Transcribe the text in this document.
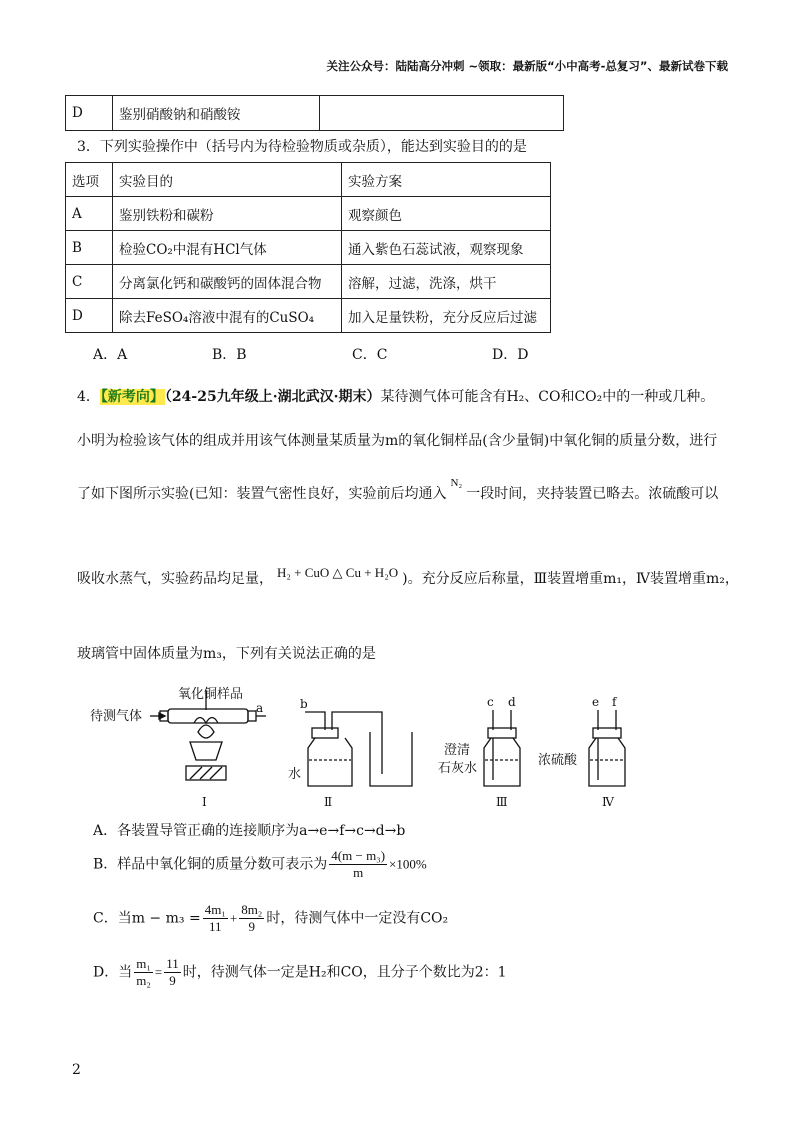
关注公众号：陆陆高分冲刺 ~领取：最新版“小中高考-总复习”、最新试卷下载
D	鉴别硝酸钠和硝酸铵	
3．下列实验操作中（括号内为待检验物质或杂质），能达到实验目的的是
选项	实验目的	实验方案
A	鉴别铁粉和碳粉	观察颜色
B	检验CO₂中混有HCl气体	通入紫色石蕊试液，观察现象
C	分离氯化钙和碳酸钙的固体混合物	溶解，过滤，洗涤，烘干
D	除去FeSO₄溶液中混有的CuSO₄	加入足量铁粉，充分反应后过滤
A．A	B．B	C．C	D．D
4．【新考向】（24-25九年级上·湖北武汉·期末）某待测气体可能含有H₂、CO和CO₂中的一种或几种。
小明为检验该气体的组成并用该气体测量某质量为m的氧化铜样品(含少量铜)中氧化铜的质量分数，进行
了如下图所示实验(已知：装置气密性良好，实验前后均通入$^{N_2}$一段时间，夹持装置已略去。浓硫酸可以
吸收水蒸气，实验药品均足量， H₂ + CuO △ Cu + H₂O )。充分反应后称量，Ⅲ装置增重m₁，Ⅳ装置增重m₂，
玻璃管中固体质量为m₃，下列有关说法正确的是
氧化铜样品
待测气体
水
澄清
石灰水
浓硫酸
a	b	c d	e f
Ⅰ	Ⅱ	Ⅲ	Ⅳ
A．各装置导管正确的连接顺序为a→e→f→c→d→b
B．样品中氧化铜的质量分数可表示为 $\frac{\text{4(m − m₃)}}{m} \times 100\%$
C．当$m - m_3 = \frac{\text{4m₁}}{11} + \frac{\text{8m₂}}{9}$ 时，待测气体中一定没有CO₂
D．当 $\frac{\text{m₁}}{\text{m₂}} = \frac{11}{9}$ 时，待测气体一定是H₂和CO，且分子个数比为2：1
2
